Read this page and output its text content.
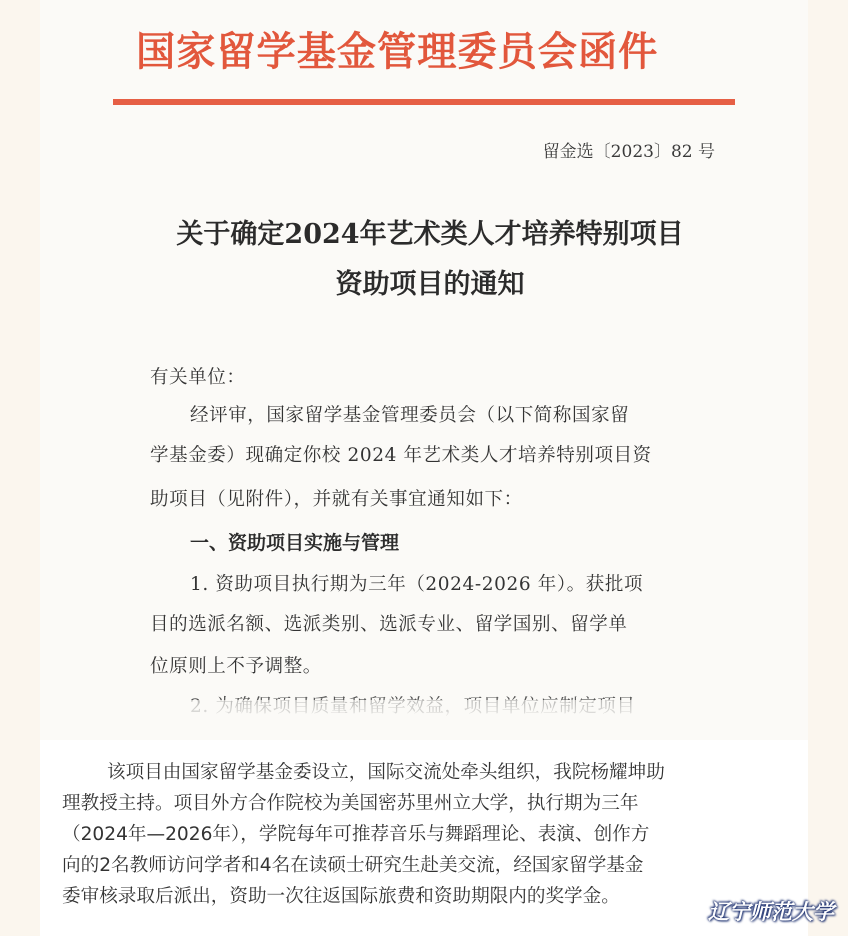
国家留学基金管理委员会函件
留金选〔2023〕82 号
关于确定2024年艺术类人才培养特别项目
资助项目的通知
有关单位：
经评审，国家留学基金管理委员会（以下简称国家留
学基金委）现确定你校 2024 年艺术类人才培养特别项目资
助项目（见附件），并就有关事宜通知如下：
一、资助项目实施与管理
1. 资助项目执行期为三年（2024-2026 年）。获批项
目的选派名额、选派类别、选派专业、留学国别、留学单
位原则上不予调整。

该项目由国家留学基金委设立，国际交流处牵头组织，我院杨耀坤助

理教授主持。项目外方合作院校为美国密苏里州立大学，执行期为三年

（2024年—2026年），学院每年可推荐音乐与舞蹈理论、表演、创作方

向的2名教师访问学者和4名在读硕士研究生赴美交流，经国家留学基金

委审核录取后派出，资助一次往返国际旅费和资助期限内的奖学金。

辽宁师范大学
